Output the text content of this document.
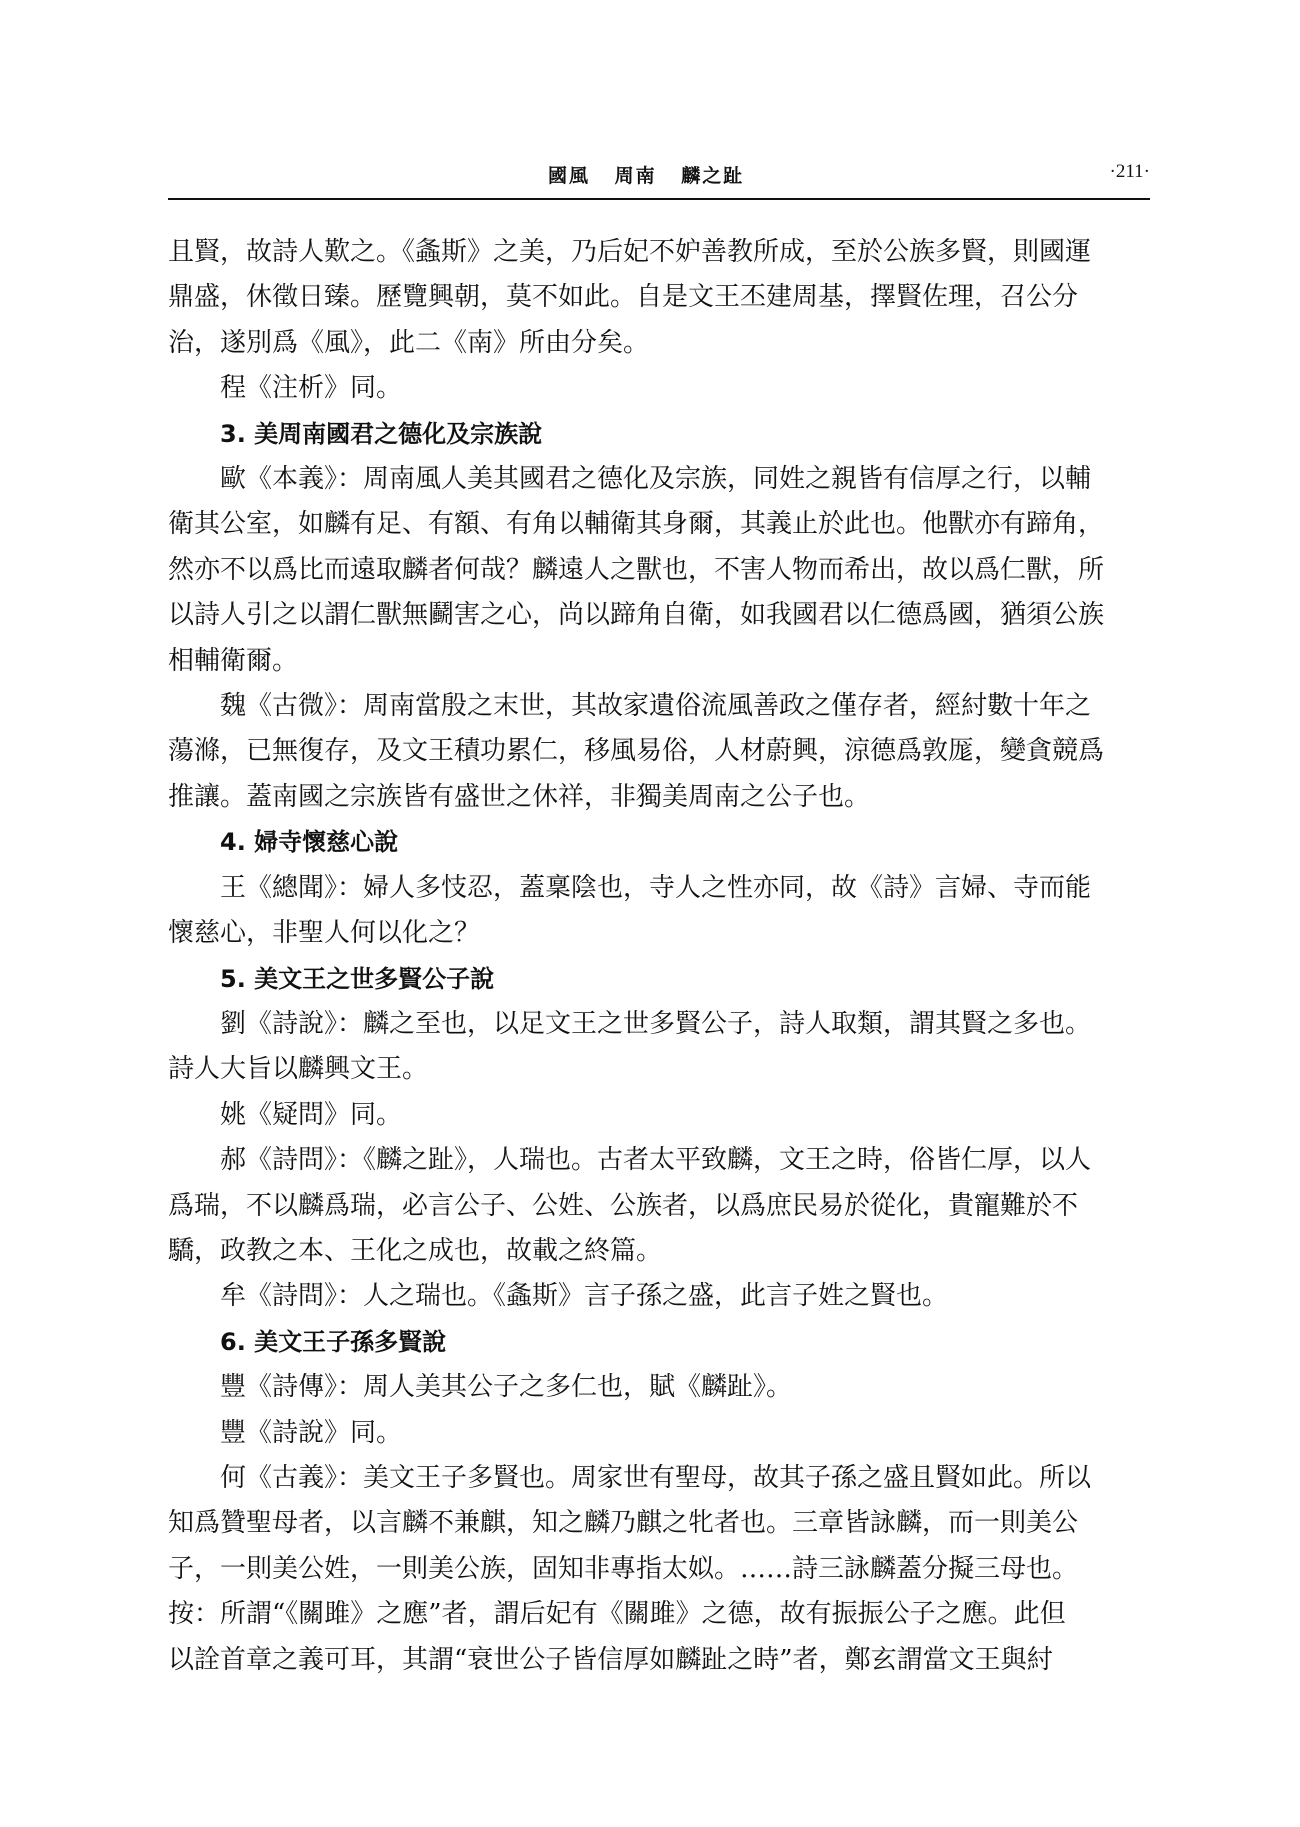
國風 周南 麟之趾	·211·
且賢，故詩人歎之。《螽斯》之美，乃后妃不妒善教所成，至於公族多賢，則國運
鼎盛，休徵日臻。歷覽興朝，莫不如此。自是文王丕建周基，擇賢佐理，召公分
治，遂別爲《風》，此二《南》所由分矣。
程《注析》同。
3. 美周南國君之德化及宗族說
歐《本義》：周南風人美其國君之德化及宗族，同姓之親皆有信厚之行，以輔
衛其公室，如麟有足、有額、有角以輔衛其身爾，其義止於此也。他獸亦有蹄角，
然亦不以爲比而遠取麟者何哉？麟遠人之獸也，不害人物而希出，故以爲仁獸，所
以詩人引之以謂仁獸無鬬害之心，尚以蹄角自衛，如我國君以仁德爲國，猶須公族
相輔衛爾。
魏《古微》：周南當殷之末世，其故家遺俗流風善政之僅存者，經紂數十年之
蕩滌，已無復存，及文王積功累仁，移風易俗，人材蔚興，涼德爲敦厖，變貪競爲
推讓。蓋南國之宗族皆有盛世之休祥，非獨美周南之公子也。
4. 婦寺懷慈心說
王《總聞》：婦人多忮忍，蓋稟陰也，寺人之性亦同，故《詩》言婦、寺而能
懷慈心，非聖人何以化之？
5. 美文王之世多賢公子說
劉《詩說》：麟之至也，以足文王之世多賢公子，詩人取類，謂其賢之多也。
詩人大旨以麟興文王。
姚《疑問》同。
郝《詩問》：《麟之趾》，人瑞也。古者太平致麟，文王之時，俗皆仁厚，以人
爲瑞，不以麟爲瑞，必言公子、公姓、公族者，以爲庶民易於從化，貴寵難於不
驕，政教之本、王化之成也，故載之終篇。
牟《詩問》：人之瑞也。《螽斯》言子孫之盛，此言子姓之賢也。
6. 美文王子孫多賢說
豐《詩傳》：周人美其公子之多仁也，賦《麟趾》。
豐《詩說》同。
何《古義》：美文王子多賢也。周家世有聖母，故其子孫之盛且賢如此。所以
知爲贊聖母者，以言麟不兼麒，知之麟乃麒之牝者也。三章皆詠麟，而一則美公
子，一則美公姓，一則美公族，固知非專指太姒。……詩三詠麟蓋分擬三母也。
按：所謂“《關雎》之應”者，謂后妃有《關雎》之德，故有振振公子之應。此但
以詮首章之義可耳，其謂“衰世公子皆信厚如麟趾之時”者，鄭玄謂當文王與紂
